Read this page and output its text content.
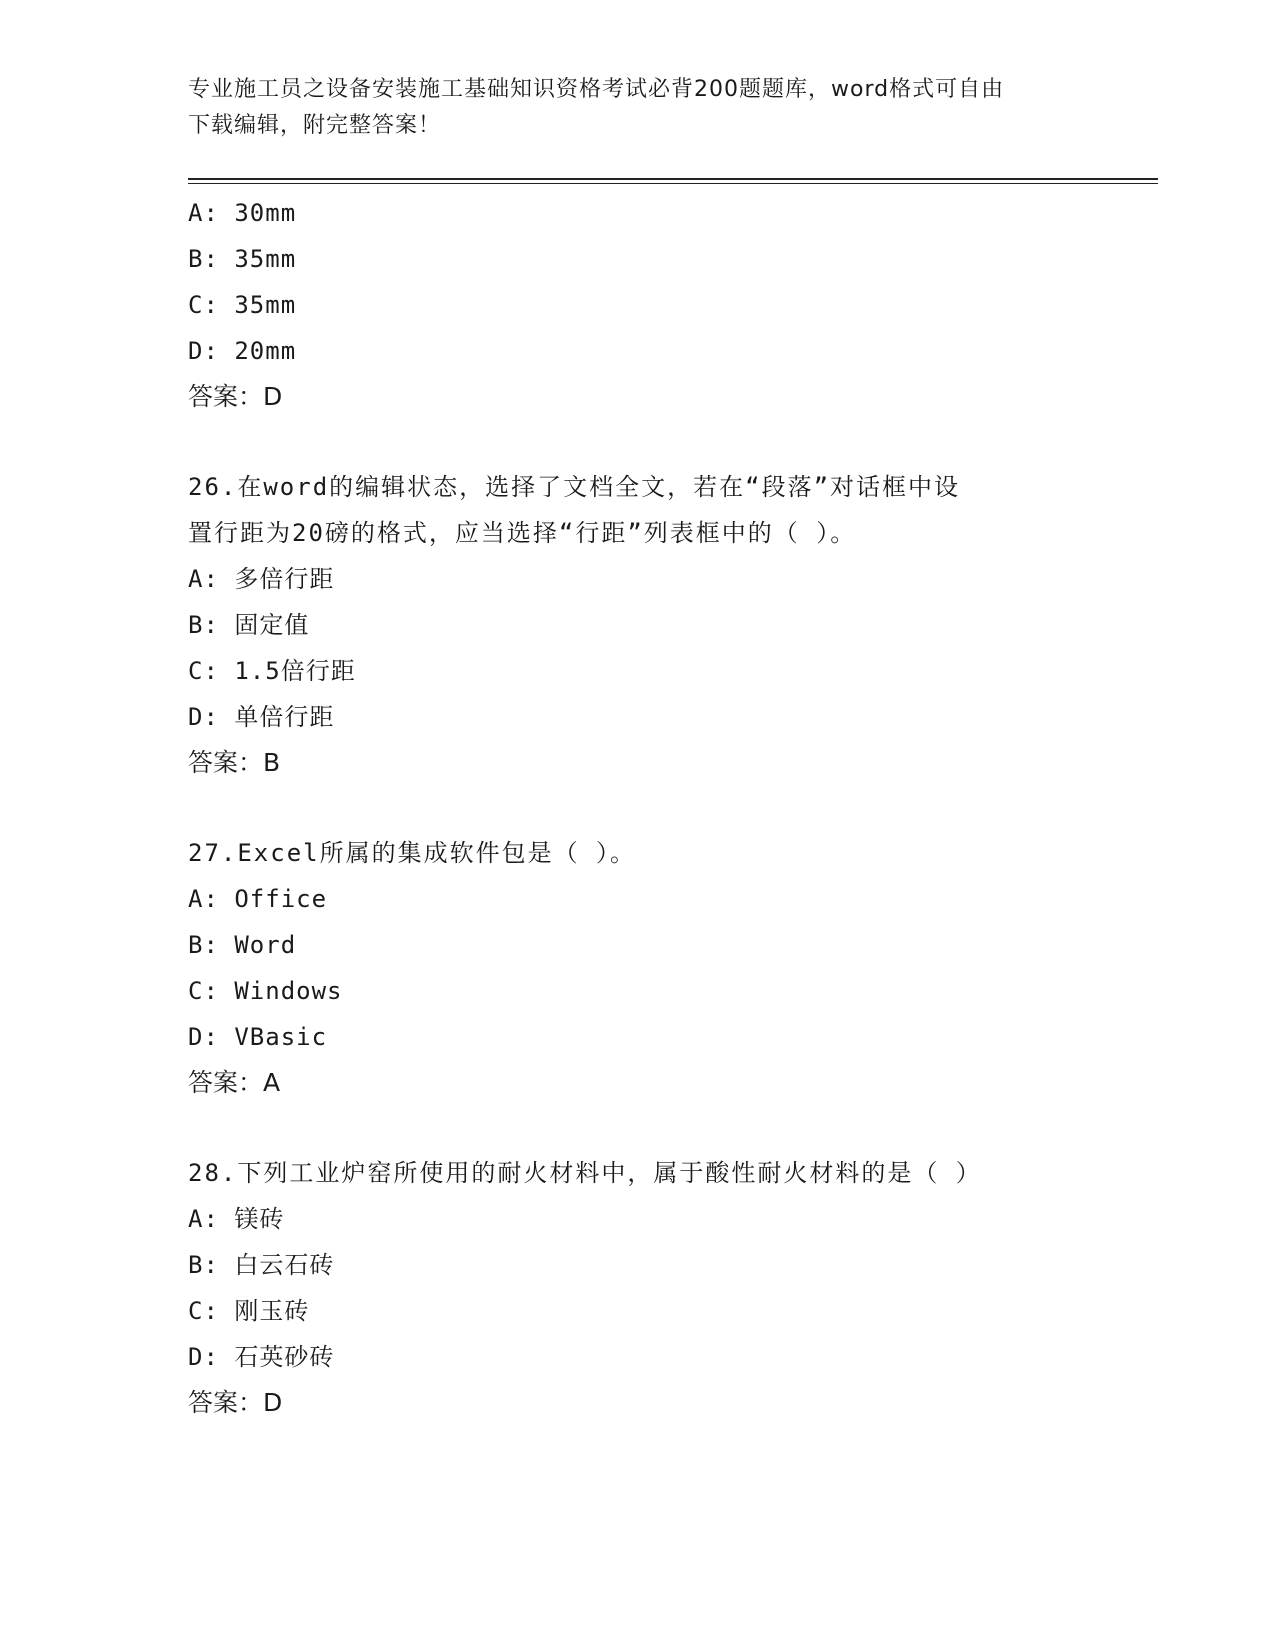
专业施工员之设备安装施工基础知识资格考试必背200题题库，word格式可自由
下载编辑，附完整答案！
A: 30mm
B: 35mm
C: 35mm
D: 20mm
答案：D
26.在word的编辑状态，选择了文档全文，若在“段落”对话框中设
置行距为20磅的格式，应当选择“行距”列表框中的（ ）。
A: 多倍行距
B: 固定值
C: 1.5倍行距
D: 单倍行距
答案：B
27.Excel所属的集成软件包是（ ）。
A: Office
B: Word
C: Windows
D: VBasic
答案：A
28.下列工业炉窑所使用的耐火材料中，属于酸性耐火材料的是（ ）
A: 镁砖
B: 白云石砖
C: 刚玉砖
D: 石英砂砖
答案：D
